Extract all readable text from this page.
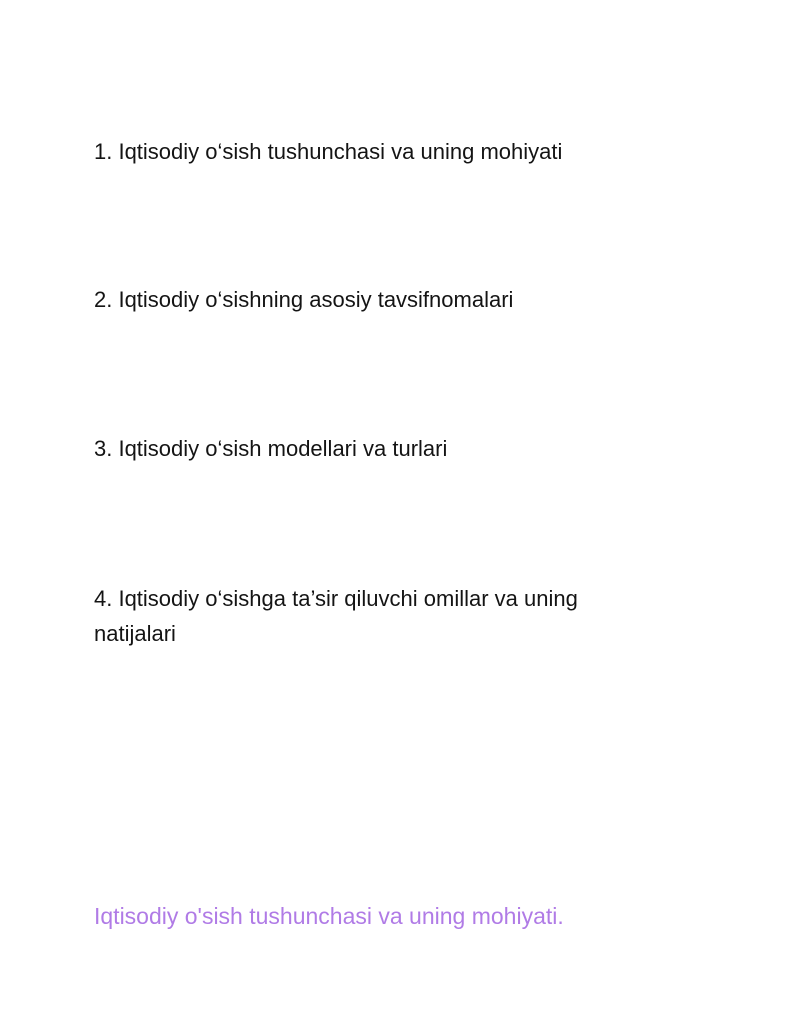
1. Iqtisodiy o‘sish tushunchasi va uning mohiyati

2. Iqtisodiy o‘sishning asosiy tavsifnomalari

3. Iqtisodiy o‘sish modellari va turlari

4. Iqtisodiy o‘sishga ta’sir qiluvchi omillar va uning natijalari

Iqtisodiy o'sish tushunchasi va uning mohiyati.
